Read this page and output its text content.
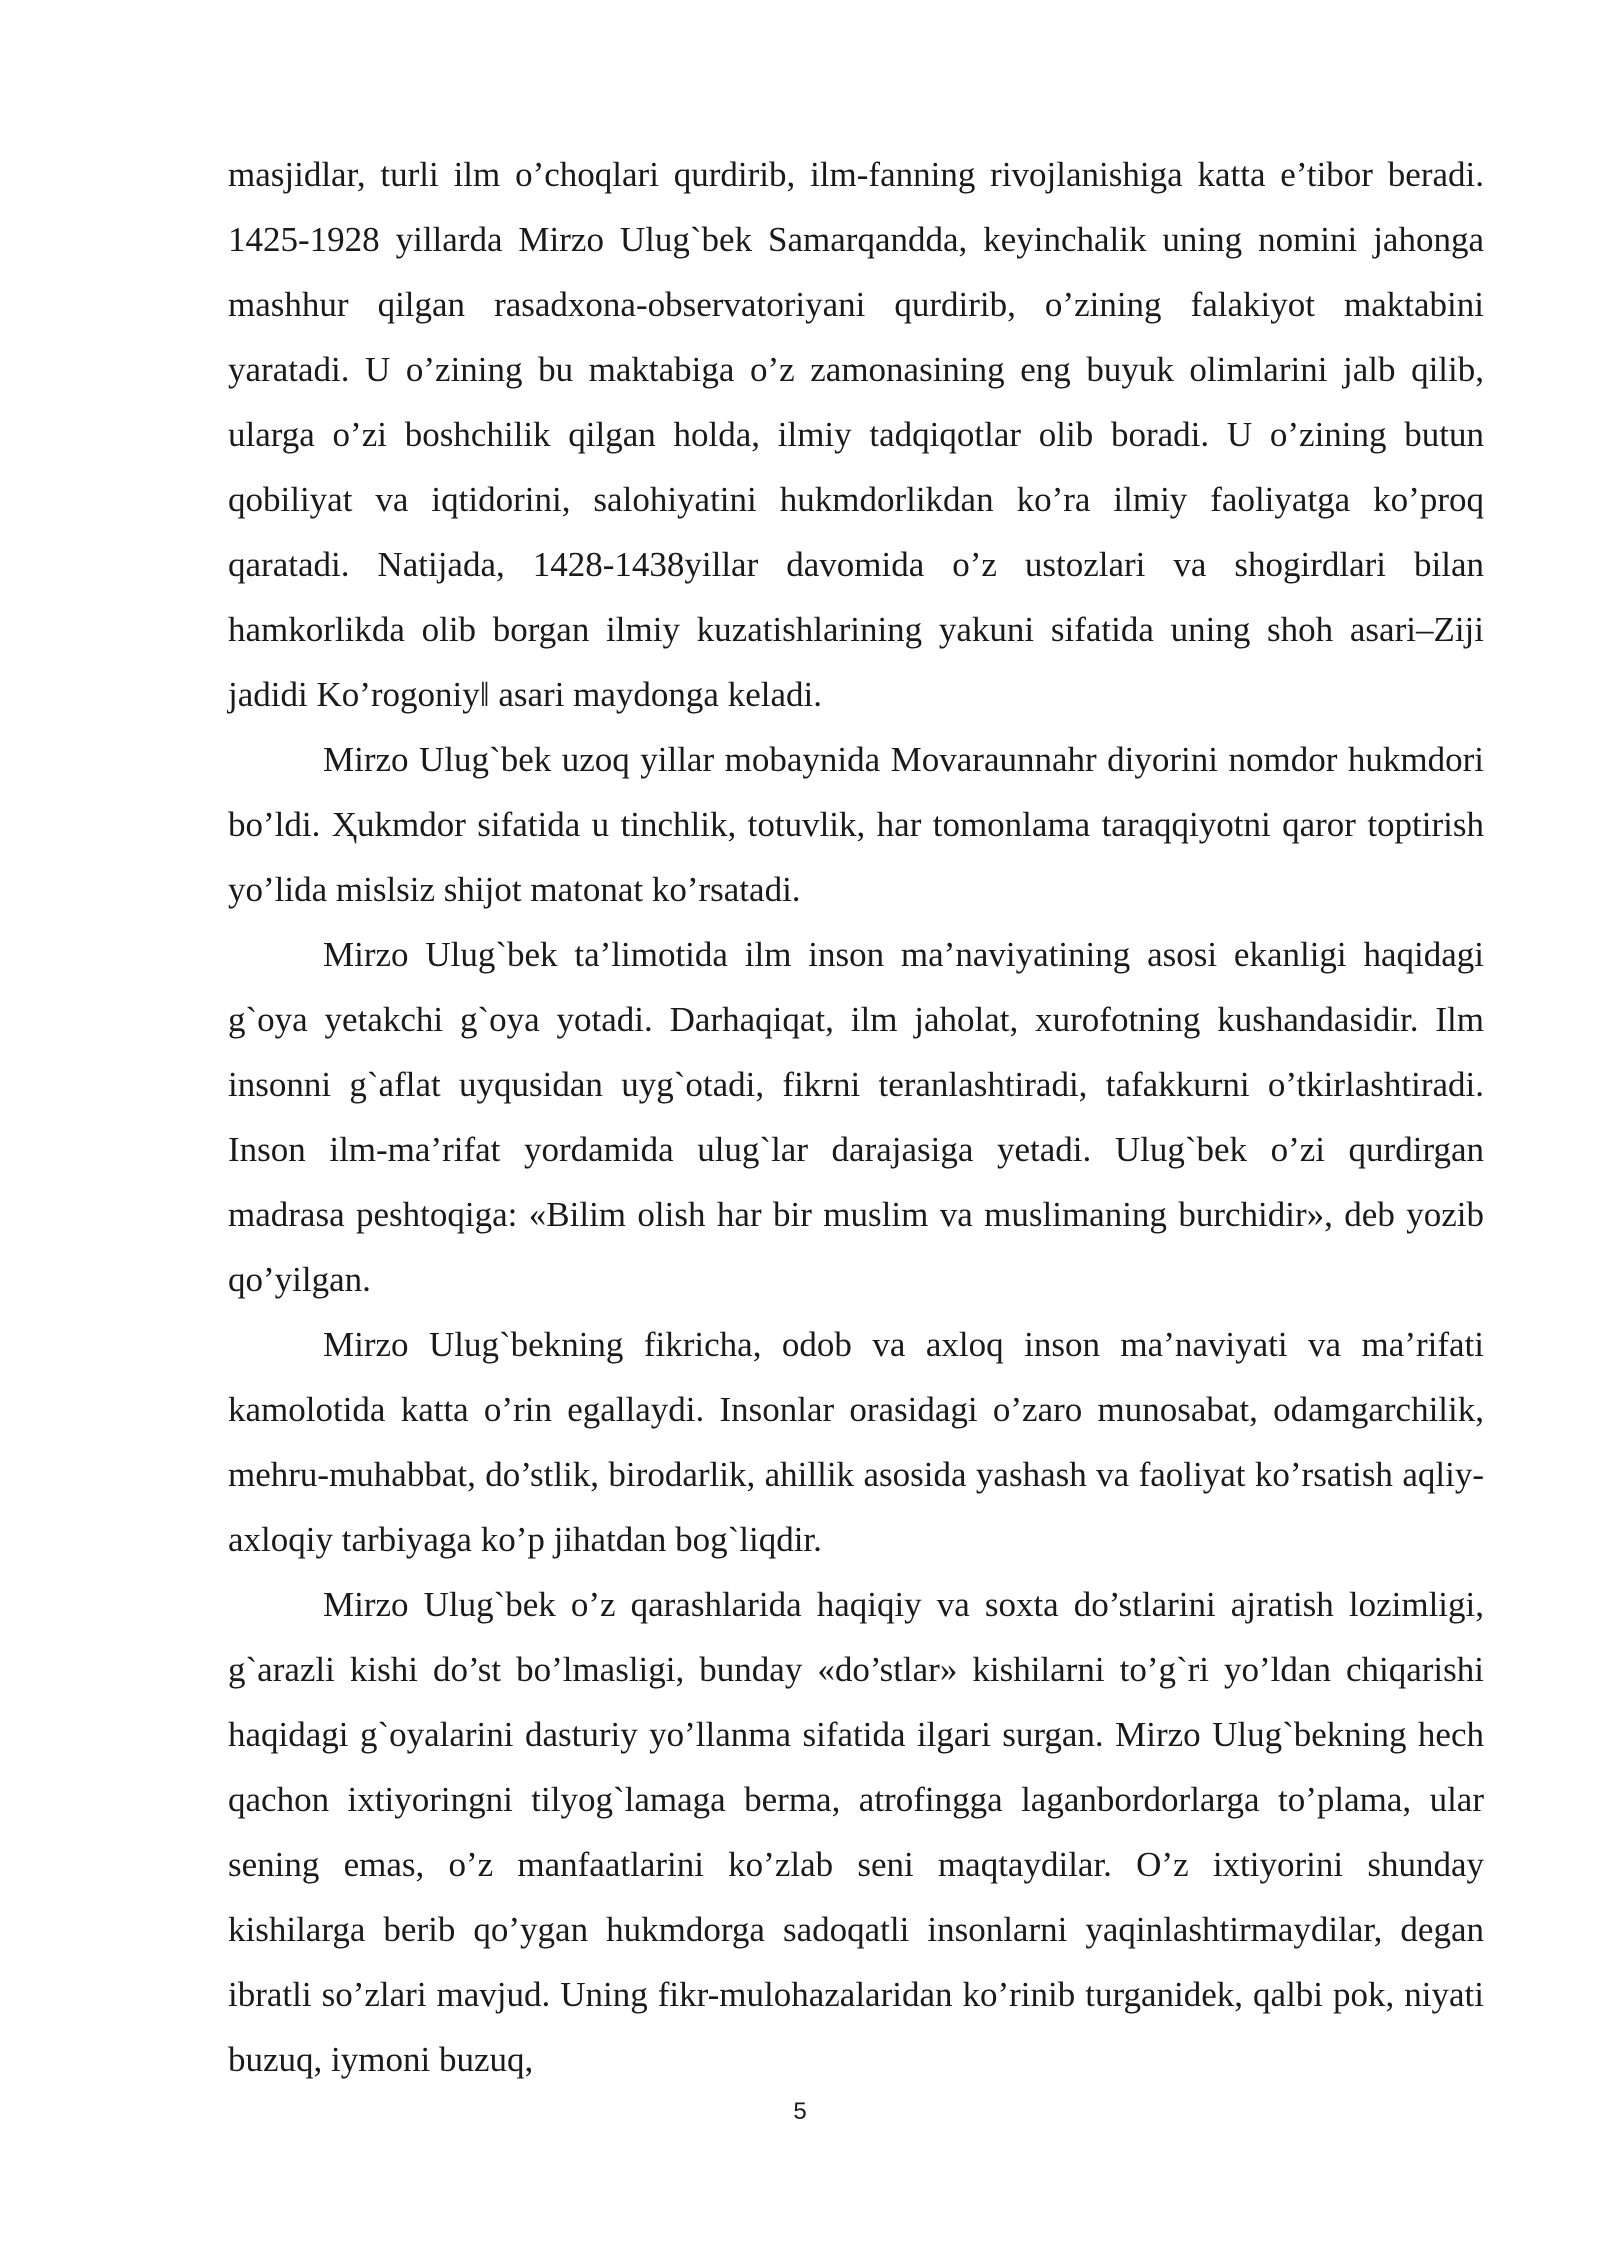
masjidlar, turli ilm o’choqlari qurdirib, ilm-fanning rivojlanishiga katta e’tibor beradi. 1425-1928 yillarda Mirzo Ulug`bek Samarqandda, keyinchalik uning nomini jahonga mashhur qilgan rasadxona-observatoriyani qurdirib, o’zining falakiyot maktabini yaratadi. U o’zining bu maktabiga o’z zamonasining eng buyuk olimlarini jalb qilib, ularga o’zi boshchilik qilgan holda, ilmiy tadqiqotlar olib boradi. U o’zining butun qobiliyat va iqtidorini, salohiyatini hukmdorlikdan ko’ra ilmiy faoliyatga ko’proq qaratadi. Natijada, 1428-1438yillar davomida o’z ustozlari va shogirdlari bilan hamkorlikda olib borgan ilmiy kuzatishlarining yakuni sifatida uning shoh asari–Ziji jadidi Ko’rogoniy‖ asari maydonga keladi.

Mirzo Ulug`bek uzoq yillar mobaynida Movaraunnahr diyorini nomdor hukmdori bo’ldi. Ҳukmdor sifatida u tinchlik, totuvlik, har tomonlama taraqqiyotni qaror toptirish yo’lida mislsiz shijot matonat ko’rsatadi.

Mirzo Ulug`bek ta’limotida ilm inson ma’naviyatining asosi ekanligi haqidagi g`oya yetakchi g`oya yotadi. Darhaqiqat, ilm jaholat, xurofotning kushandasidir. Ilm insonni g`aflat uyqusidan uyg`otadi, fikrni teranlashtiradi, tafakkurni o’tkirlashtiradi. Inson ilm-ma’rifat yordamida ulug`lar darajasiga yetadi. Ulug`bek o’zi qurdirgan madrasa peshtoqiga: «Bilim olish har bir muslim va muslimaning burchidir», deb yozib qo’yilgan.

Mirzo Ulug`bekning fikricha, odob va axloq inson ma’naviyati va ma’rifati kamolotida katta o’rin egallaydi. Insonlar orasidagi o’zaro munosabat, odamgarchilik, mehru-muhabbat, do’stlik, birodarlik, ahillik asosida yashash va faoliyat ko’rsatish aqliy-axloqiy tarbiyaga ko’p jihatdan bog`liqdir.

Mirzo Ulug`bek o’z qarashlarida haqiqiy va soxta do’stlarini ajratish lozimligi, g`arazli kishi do’st bo’lmasligi, bunday «do’stlar» kishilarni to’g`ri yo’ldan chiqarishi haqidagi g`oyalarini dasturiy yo’llanma sifatida ilgari surgan. Mirzo Ulug`bekning hech qachon ixtiyoringni tilyog`lamaga berma, atrofingga laganbordorlarga to’plama, ular sening emas, o’z manfaatlarini ko’zlab seni maqtaydilar. O’z ixtiyorini shunday kishilarga berib qo’ygan hukmdorga sadoqatli insonlarni yaqinlashtirmaydilar, degan ibratli so’zlari mavjud. Uning fikr-mulohazalaridan ko’rinib turganidek, qalbi pok, niyati buzuq, iymoni buzuq,

5
